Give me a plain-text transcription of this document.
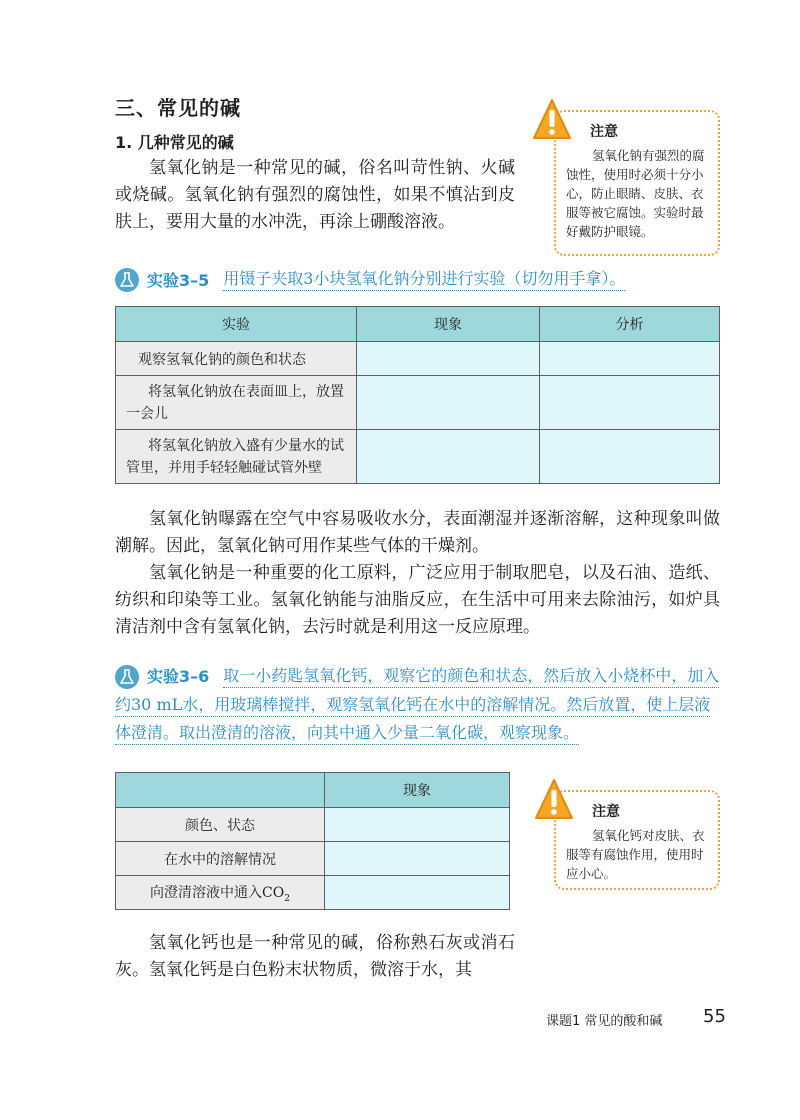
三、常见的碱
1. 几种常见的碱

氢氧化钠是一种常见的碱，俗名叫苛性钠、火碱或烧碱。氢氧化钠有强烈的腐蚀性，如果不慎沾到皮肤上，要用大量的水冲洗，再涂上硼酸溶液。

注意

氢氧化钠有强烈的腐蚀性，使用时必须十分小心，防止眼睛、皮肤、衣服等被它腐蚀。实验时最好戴防护眼镜。

实验3–5 用镊子夹取3小块氢氧化钠分别进行实验（切勿用手拿）。
实验	现象	分析
观察氢氧化钠的颜色和状态		
将氢氧化钠放在表面皿上，放置一会儿		
将氢氧化钠放入盛有少量水的试管里，并用手轻轻触碰试管外壁		

氢氧化钠曝露在空气中容易吸收水分，表面潮湿并逐渐溶解，这种现象叫做潮解。因此，氢氧化钠可用作某些气体的干燥剂。

氢氧化钠是一种重要的化工原料，广泛应用于制取肥皂，以及石油、造纸、纺织和印染等工业。氢氧化钠能与油脂反应，在生活中可用来去除油污，如炉具清洁剂中含有氢氧化钠，去污时就是利用这一反应原理。

实验3–6 取一小药匙氢氧化钙，观察它的颜色和状态，然后放入小烧杯中，加入约30 mL水，用玻璃棒搅拌，观察氢氧化钙在水中的溶解情况。然后放置，使上层液体澄清。取出澄清的溶液，向其中通入少量二氧化碳，观察现象。
	现象
颜色、状态	
在水中的溶解情况	
向澄清溶液中通入$CO_2$	
注意

氢氧化钙对皮肤、衣服等有腐蚀作用，使用时应小心。

氢氧化钙也是一种常见的碱，俗称熟石灰或消石灰。氢氧化钙是白色粉末状物质，微溶于水，其

课题1 常见的酸和碱 55
